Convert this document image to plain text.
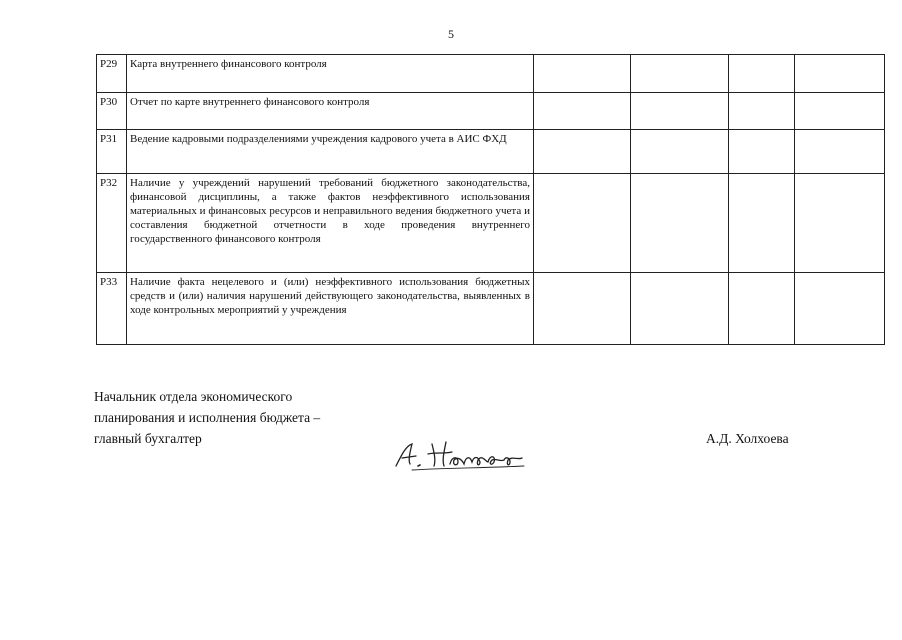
5
Р29	Карта внутреннего финансового контроля				
Р30	Отчет по карте внутреннего финансового контроля				
Р31	Ведение кадровыми подразделениями учреждения кадрового учета в АИС ФХД				
Р32	Наличие у учреждений нарушений требований бюджетного законодательства, финансовой дисциплины, а также фактов неэффективного использования материальных и финансовых ресурсов и неправильного ведения бюджетного учета и составления бюджетной отчетности в ходе проведения внутреннего государственного финансового контроля				
Р33	Наличие факта нецелевого и (или) неэффективного использования бюджетных средств и (или) наличия нарушений действующего законодательства, выявленных в ходе контрольных мероприятий у учреждения				
Начальник отдела экономического
планирования и исполнения бюджета –
главный бухгалтер	А.Д. Холхоева
